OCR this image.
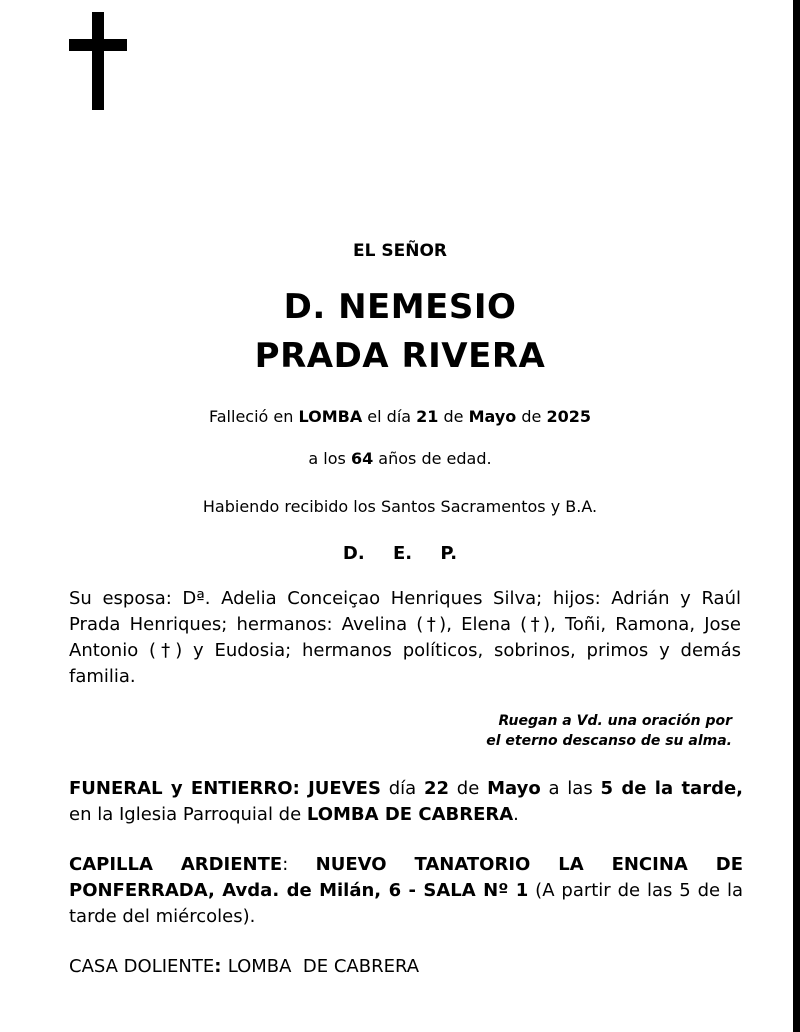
EL SEÑOR
D. NEMESIO
PRADA RIVERA
Falleció en LOMBA el día 21 de Mayo de 2025
a los 64 años de edad.
Habiendo recibido los Santos Sacramentos y B.A.
D. E. P.
Su esposa: Dª. Adelia Conceiçao Henriques Silva; hijos: Adrián y Raúl Prada Henriques; hermanos: Avelina (†), Elena (†), Toñi, Ramona, Jose Antonio (†) y Eudosia; hermanos políticos, sobrinos, primos y demás familia.
Ruegan a Vd. una oración por
el eterno descanso de su alma.
FUNERAL y ENTIERRO: JUEVES día 22 de Mayo a las 5 de la tarde, en la Iglesia Parroquial de LOMBA DE CABRERA.
CAPILLA ARDIENTE: NUEVO TANATORIO LA ENCINA DE PONFERRADA, Avda. de Milán, 6 - SALA Nº 1 (A partir de las 5 de la tarde del miércoles).
CASA DOLIENTE: LOMBA  DE CABRERA
